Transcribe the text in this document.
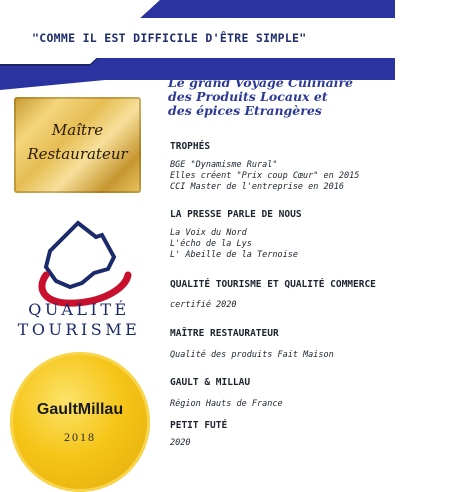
"COMME IL EST DIFFICILE D'ÊTRE SIMPLE"
Le grand Voyage Culinaire
des Produits Locaux et
des épices Etrangères
TROPHÉS
BGE "Dynamisme Rural"
Elles créent "Prix coup Cœur" en 2015
CCI Master de l'entreprise en 2016
LA PRESSE PARLE DE NOUS
La Voix du Nord
L'écho de la Lys
L' Abeille de la Ternoise
QUALITÉ TOURISME ET QUALITÉ COMMERCE
certifié 2020
MAÎTRE RESTAURATEUR
Qualité des produits Fait Maison
GAULT & MILLAU
Région Hauts de France
PETIT FUTÉ
2020
Maître
Restaurateur
QUALITÉ
TOURISME
GaultMillau
2018
